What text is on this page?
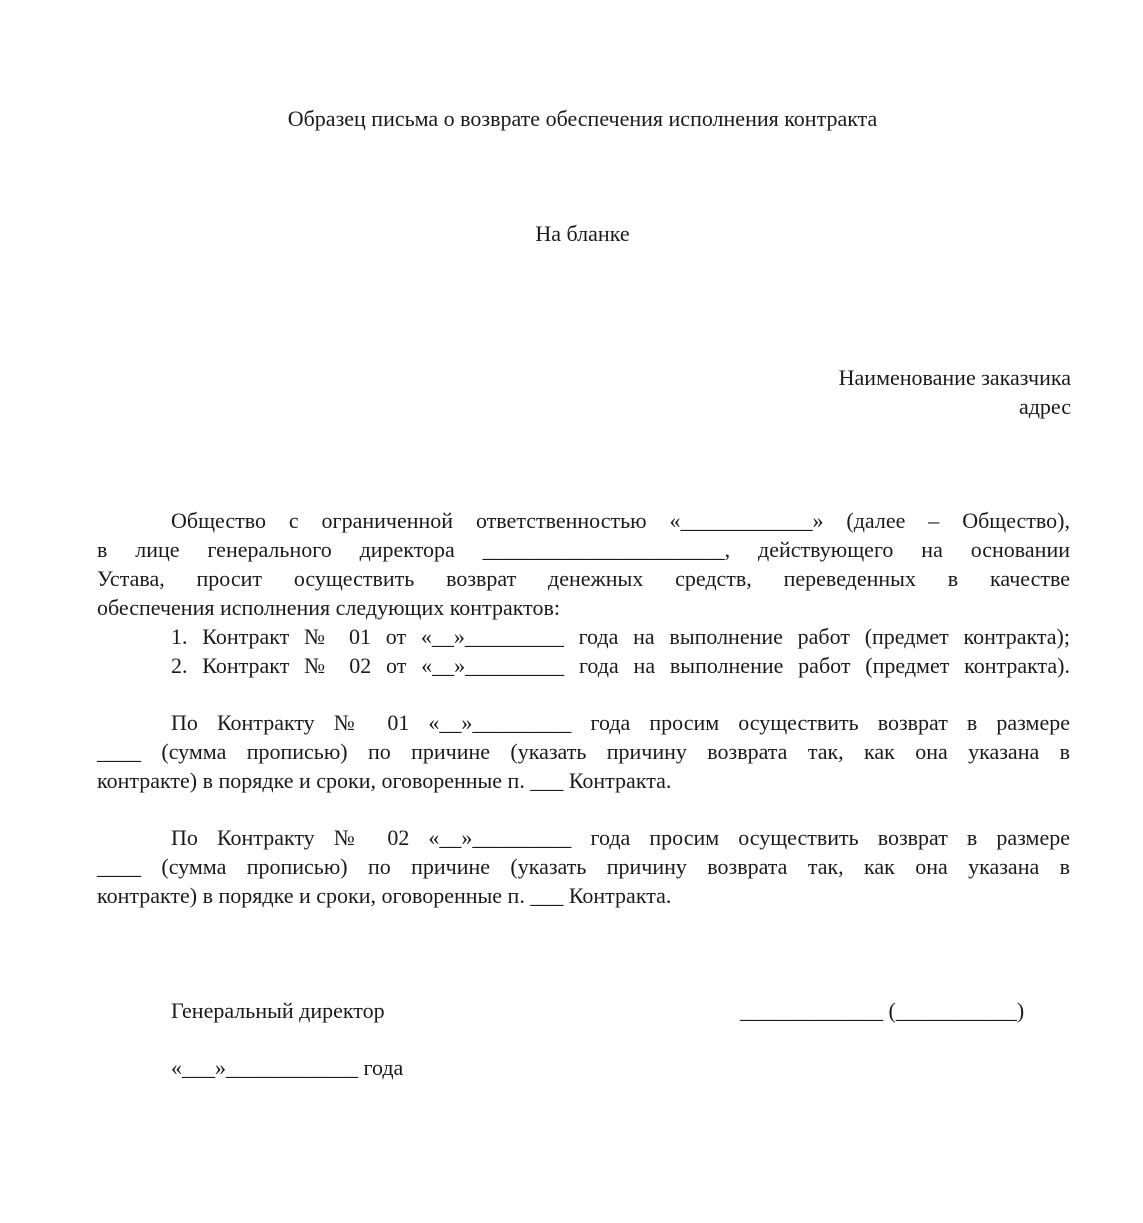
Образец письма о возврате обеспечения исполнения контракта
На бланке
Наименование заказчика
адрес
Общество с ограниченной ответственностью «____________» (далее – Общество),
в лице генерального директора ______________________, действующего на основании
Устава, просит осуществить возврат денежных средств, переведенных в качестве
обеспечения исполнения следующих контрактов:
1. Контракт № 01 от «__»_________ года на выполнение работ (предмет контракта);
2. Контракт № 02 от «__»_________ года на выполнение работ (предмет контракта).
По Контракту № 01 «__»_________ года просим осуществить возврат в размере
____ (сумма прописью) по причине (указать причину возврата так, как она указана в
контракте) в порядке и сроки, оговоренные п. ___ Контракта.
По Контракту № 02 «__»_________ года просим осуществить возврат в размере
____ (сумма прописью) по причине (указать причину возврата так, как она указана в
контракте) в порядке и сроки, оговоренные п. ___ Контракта.
Генеральный директор	_____________ (___________)
«___»____________ года
